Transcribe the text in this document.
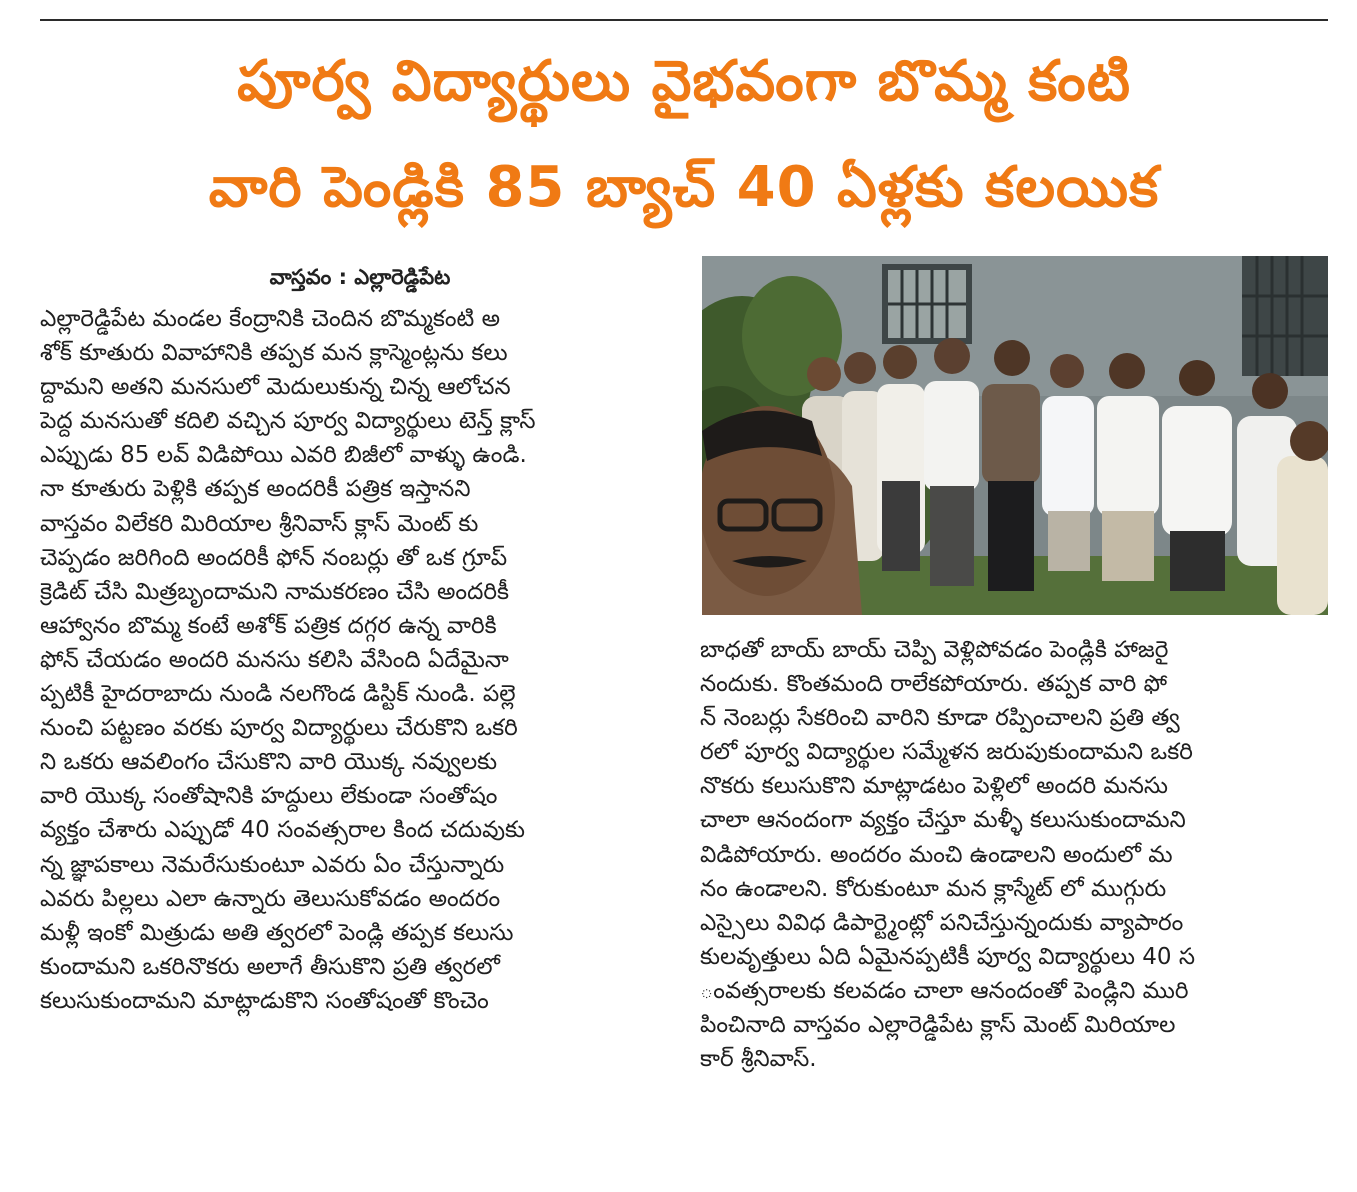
పూర్వ విద్యార్థులు వైభవంగా బొమ్మ కంటి
వారి పెండ్లికి 85 బ్యాచ్ 40 ఏళ్లకు కలయిక
వాస్తవం : ఎల్లారెడ్డిపేట
ఎల్లారెడ్డిపేట మండల కేంద్రానికి చెందిన బొమ్మకంటి అ
శోక్ కూతురు వివాహానికి తప్పక మన క్లాస్మెంట్లను కలు
ద్దామని అతని మనసులో మెదులుకున్న చిన్న ఆలోచన
పెద్ద మనసుతో కదిలి వచ్చిన పూర్వ విద్యార్థులు టెన్త్ క్లాస్
ఎప్పుడు 85 లవ్ విడిపోయి ఎవరి బిజీలో వాళ్ళు ఉండి.
నా కూతురు పెళ్లికి తప్పక అందరికీ పత్రిక ఇస్తానని
వాస్తవం విలేకరి మిరియాల శ్రీనివాస్ క్లాస్ మెంట్ కు
చెప్పడం జరిగింది అందరికీ ఫోన్ నంబర్లు తో ఒక గ్రూప్
క్రెడిట్ చేసి మిత్రబృందామని నామకరణం చేసి అందరికీ
ఆహ్వానం బొమ్మ కంటే అశోక్ పత్రిక దగ్గర ఉన్న వారికి
ఫోన్ చేయడం అందరి మనసు కలిసి వేసింది ఏదేమైనా
ప్పటికీ హైదరాబాదు నుండి నలగొండ డిస్టిక్ నుండి. పల్లె
నుంచి పట్టణం వరకు పూర్వ విద్యార్థులు చేరుకొని ఒకరి
ని ఒకరు ఆవలింగం చేసుకొని వారి యొక్క నవ్వులకు
వారి యొక్క సంతోషానికి హద్దులు లేకుండా సంతోషం
వ్యక్తం చేశారు ఎప్పుడో 40 సంవత్సరాల కింద చదువుకు
న్న జ్ఞాపకాలు నెమరేసుకుంటూ ఎవరు ఏం చేస్తున్నారు
ఎవరు పిల్లలు ఎలా ఉన్నారు తెలుసుకోవడం అందరం
మళ్లీ ఇంకో మిత్రుడు అతి త్వరలో పెండ్లి తప్పక కలుసు
కుందామని ఒకరినొకరు అలాగే తీసుకొని ప్రతి త్వరలో
కలుసుకుందామని మాట్లాడుకొని సంతోషంతో కొంచెం
బాధతో బాయ్ బాయ్ చెప్పి వెళ్లిపోవడం పెండ్లికి హాజరై
నందుకు. కొంతమంది రాలేకపోయారు. తప్పక వారి ఫో
న్ నెంబర్లు సేకరించి వారిని కూడా రప్పించాలని ప్రతి త్వ
రలో పూర్వ విద్యార్థుల సమ్మేళన జరుపుకుందామని ఒకరి
నొకరు కలుసుకొని మాట్లాడటం పెళ్లిలో అందరి మనసు
చాలా ఆనందంగా వ్యక్తం చేస్తూ మళ్ళీ కలుసుకుందామని
విడిపోయారు. అందరం మంచి ఉండాలని అందులో మ
నం ఉండాలని. కోరుకుంటూ మన క్లాస్మేట్ లో ముగ్గురు
ఎస్సైలు వివిధ డిపార్ట్మెంట్లో పనిచేస్తున్నందుకు వ్యాపారం
కులవృత్తులు ఏది ఏమైనప్పటికీ పూర్వ విద్యార్థులు 40 స
ంవత్సరాలకు కలవడం చాలా ఆనందంతో పెండ్లిని మురి
పించినాది వాస్తవం ఎల్లారెడ్డిపేట క్లాస్ మెంట్ మిరియాల
కార్ శ్రీనివాస్.
